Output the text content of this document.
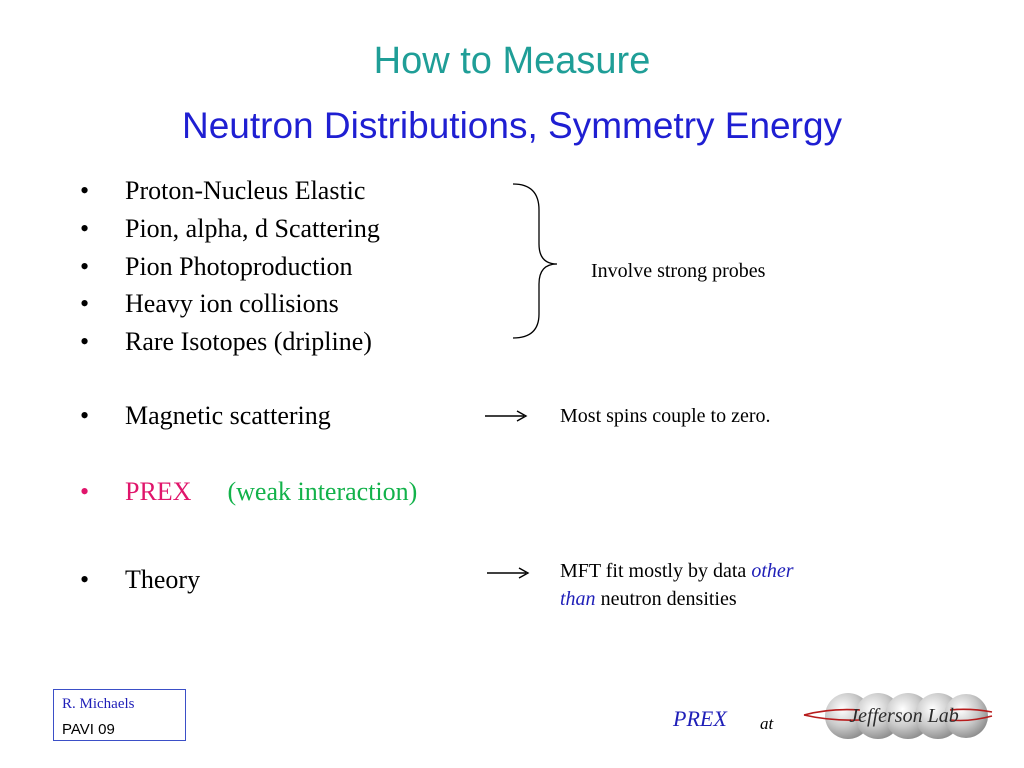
How to Measure
Neutron Distributions, Symmetry Energy
• Proton-Nucleus Elastic
• Pion, alpha, d Scattering
• Pion Photoproduction
• Heavy ion collisions
• Rare Isotopes (dripline)
Involve strong probes
• Magnetic scattering	Most spins couple to zero.
• PREX (weak interaction)
• Theory	MFT fit mostly by data other
than neutron densities
R. Michaels
PAVI 09	PREX at	Jefferson Lab
